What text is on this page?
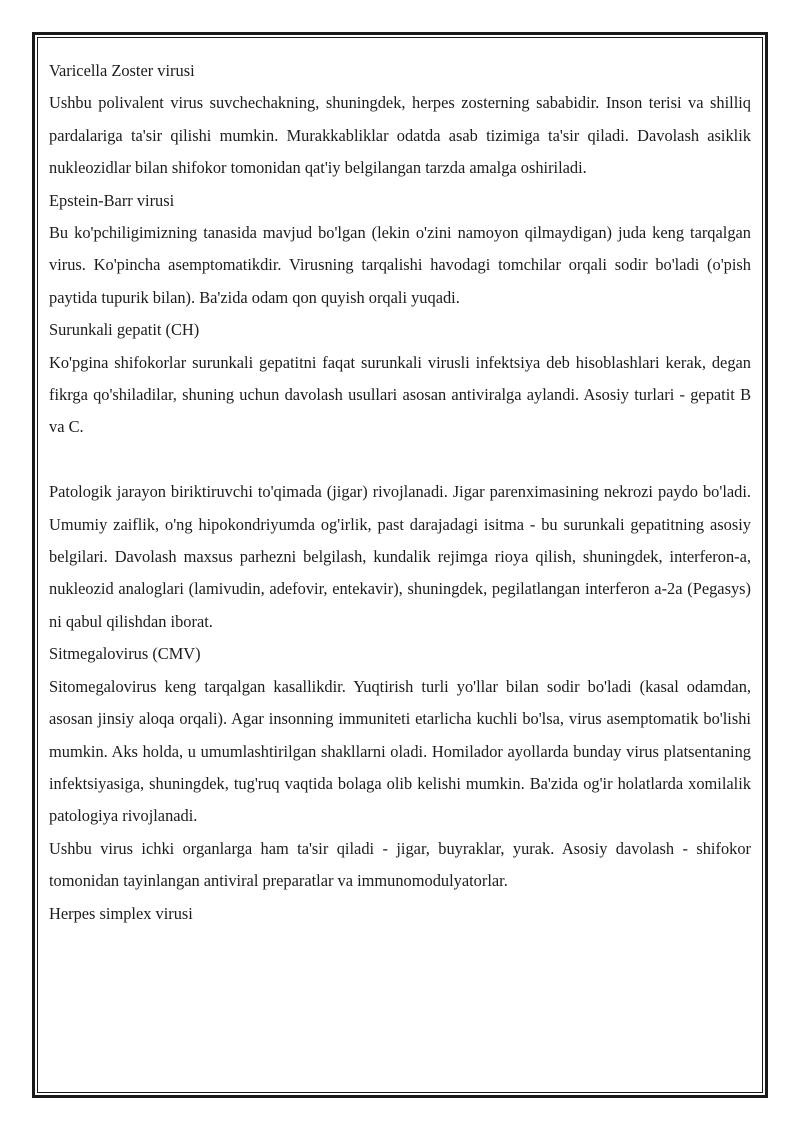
Varicella Zoster virusi

Ushbu polivalent virus suvchechakning, shuningdek, herpes zosterning sababidir. Inson terisi va shilliq pardalariga ta'sir qilishi mumkin. Murakkabliklar odatda asab tizimiga ta'sir qiladi. Davolash asiklik nukleozidlar bilan shifokor tomonidan qat'iy belgilangan tarzda amalga oshiriladi.

Epstein-Barr virusi

Bu ko'pchiligimizning tanasida mavjud bo'lgan (lekin o'zini namoyon qilmaydigan) juda keng tarqalgan virus. Ko'pincha asemptomatikdir. Virusning tarqalishi havodagi tomchilar orqali sodir bo'ladi (o'pish paytida tupurik bilan). Ba'zida odam qon quyish orqali yuqadi.

Surunkali gepatit (CH)

Ko'pgina shifokorlar surunkali gepatitni faqat surunkali virusli infektsiya deb hisoblashlari kerak, degan fikrga qo'shiladilar, shuning uchun davolash usullari asosan antiviralga aylandi. Asosiy turlari - gepatit B va C.

Patologik jarayon biriktiruvchi to'qimada (jigar) rivojlanadi. Jigar parenximasining nekrozi paydo bo'ladi. Umumiy zaiflik, o'ng hipokondriyumda og'irlik, past darajadagi isitma - bu surunkali gepatitning asosiy belgilari. Davolash maxsus parhezni belgilash, kundalik rejimga rioya qilish, shuningdek, interferon-a, nukleozid analoglari (lamivudin, adefovir, entekavir), shuningdek, pegilatlangan interferon a-2a (Pegasys) ni qabul qilishdan iborat.

Sitmegalovirus (CMV)

Sitomegalovirus keng tarqalgan kasallikdir. Yuqtirish turli yo'llar bilan sodir bo'ladi (kasal odamdan, asosan jinsiy aloqa orqali). Agar insonning immuniteti etarlicha kuchli bo'lsa, virus asemptomatik bo'lishi mumkin. Aks holda, u umumlashtirilgan shakllarni oladi. Homilador ayollarda bunday virus platsentaning infektsiyasiga, shuningdek, tug'ruq vaqtida bolaga olib kelishi mumkin. Ba'zida og'ir holatlarda xomilalik patologiya rivojlanadi.

Ushbu virus ichki organlarga ham ta'sir qiladi - jigar, buyraklar, yurak. Asosiy davolash - shifokor tomonidan tayinlangan antiviral preparatlar va immunomodulyatorlar.

Herpes simplex virusi
